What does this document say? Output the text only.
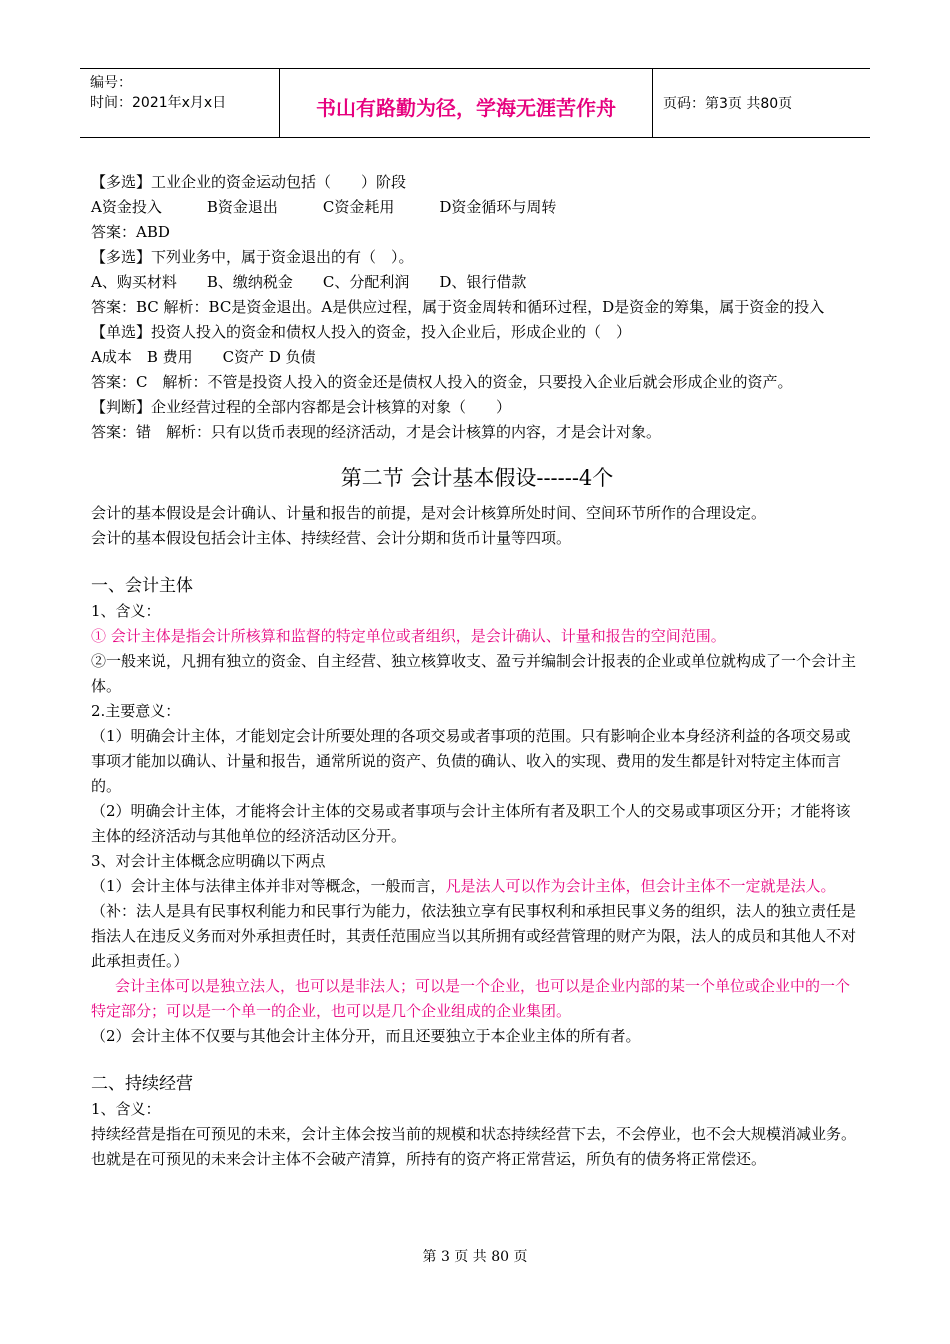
编号：
时间：2021年x月x日	书山有路勤为径，学海无涯苦作舟	页码：第3页 共80页

【多选】工业企业的资金运动包括（　　）阶段

A资金投入　　　B资金退出　　　C资金耗用　　　D资金循环与周转

答案：ABD

【多选】下列业务中，属于资金退出的有（　）。

A、购买材料　　B、缴纳税金　　C、分配利润　　D、银行借款

答案：BC 解析：BC是资金退出。A是供应过程，属于资金周转和循环过程，D是资金的筹集，属于资金的投入

【单选】投资人投入的资金和债权人投入的资金，投入企业后，形成企业的（　）

A成本　B 费用　　C资产 D 负债

答案：C　解析：不管是投资人投入的资金还是债权人投入的资金，只要投入企业后就会形成企业的资产。

【判断】企业经营过程的全部内容都是会计核算的对象（　　）

答案：错　解析：只有以货币表现的经济活动，才是会计核算的内容，才是会计对象。

第二节 会计基本假设------4个

会计的基本假设是会计确认、计量和报告的前提，是对会计核算所处时间、空间环节所作的合理设定。

会计的基本假设包括会计主体、持续经营、会计分期和货币计量等四项。

一、会计主体

1、含义：

① 会计主体是指会计所核算和监督的特定单位或者组织，是会计确认、计量和报告的空间范围。

②一般来说，凡拥有独立的资金、自主经营、独立核算收支、盈亏并编制会计报表的企业或单位就构成了一个会计主体。

2.主要意义：

（1）明确会计主体，才能划定会计所要处理的各项交易或者事项的范围。只有影响企业本身经济利益的各项交易或事项才能加以确认、计量和报告，通常所说的资产、负债的确认、收入的实现、费用的发生都是针对特定主体而言的。

（2）明确会计主体，才能将会计主体的交易或者事项与会计主体所有者及职工个人的交易或事项区分开；才能将该主体的经济活动与其他单位的经济活动区分开。

3、对会计主体概念应明确以下两点

（1）会计主体与法律主体并非对等概念，一般而言，凡是法人可以作为会计主体，但会计主体不一定就是法人。（补：法人是具有民事权利能力和民事行为能力，依法独立享有民事权利和承担民事义务的组织，法人的独立责任是指法人在违反义务而对外承担责任时，其责任范围应当以其所拥有或经营管理的财产为限，法人的成员和其他人不对此承担责任。）

会计主体可以是独立法人，也可以是非法人；可以是一个企业，也可以是企业内部的某一个单位或企业中的一个特定部分；可以是一个单一的企业，也可以是几个企业组成的企业集团。

（2）会计主体不仅要与其他会计主体分开，而且还要独立于本企业主体的所有者。

二、持续经营

1、含义：

持续经营是指在可预见的未来，会计主体会按当前的规模和状态持续经营下去，不会停业，也不会大规模消减业务。也就是在可预见的未来会计主体不会破产清算，所持有的资产将正常营运，所负有的债务将正常偿还。

第 3 页 共 80 页
